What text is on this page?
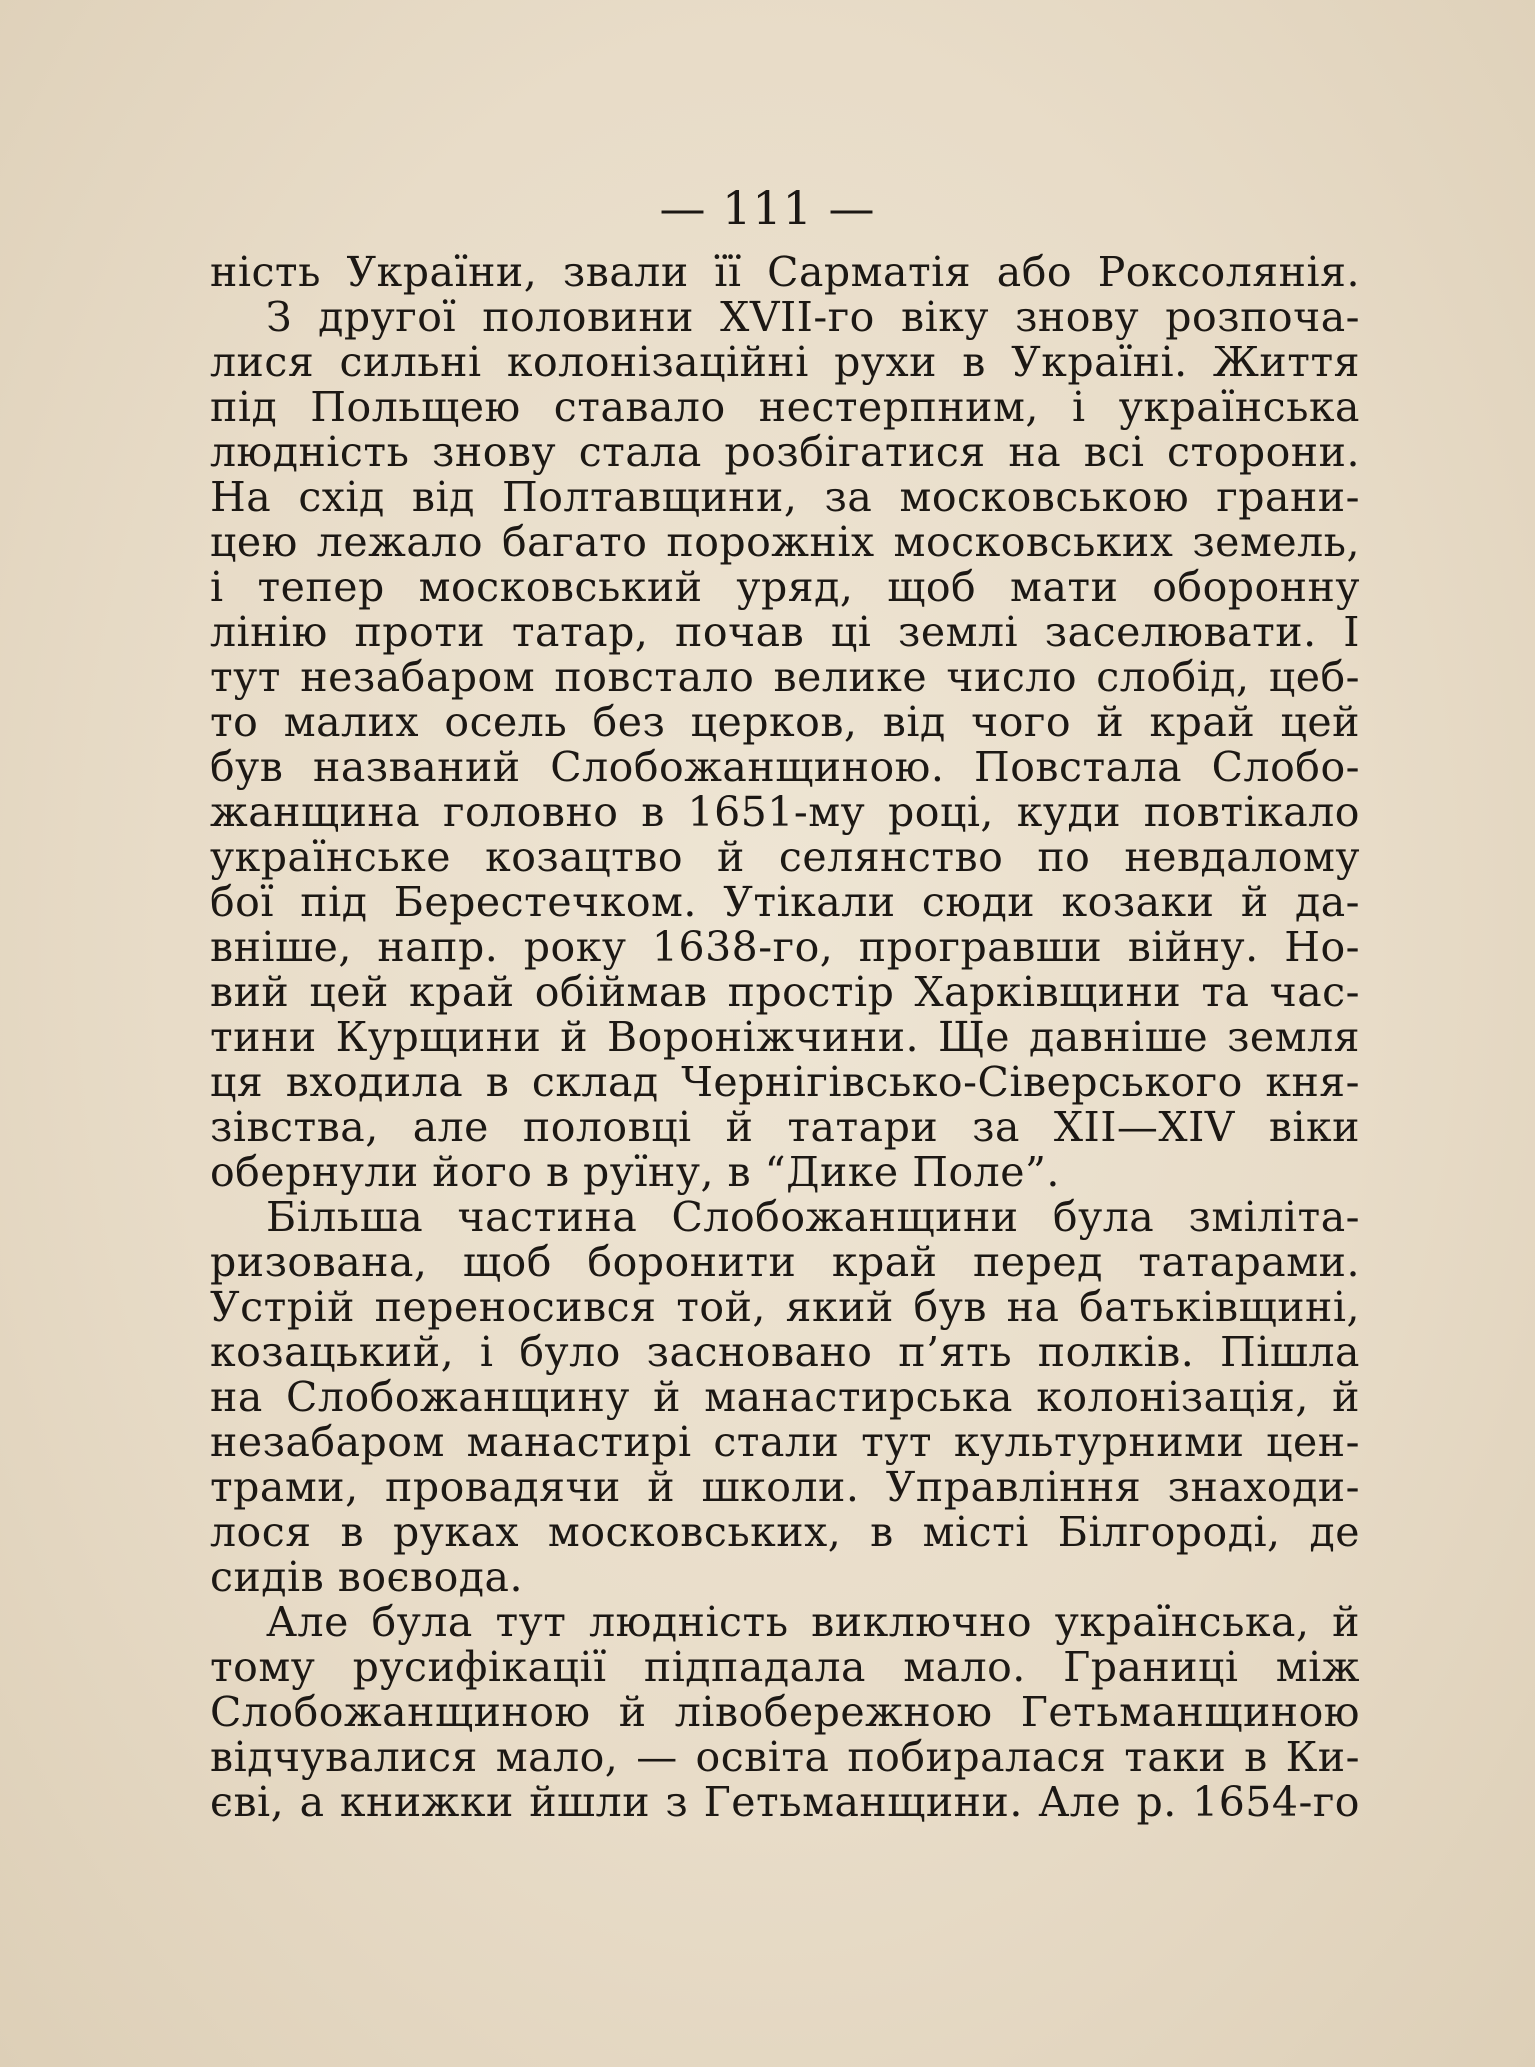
— 111 —
ність України, звали її Сарматія або Роксолянія.
З другої половини XVII-го віку знову розпоча-
лися сильні колонізаційні рухи в Україні. Життя
під Польщею ставало нестерпним, і українська
людність знову стала розбігатися на всі сторони.
На схід від Полтавщини, за московською грани-
цею лежало багато порожніх московських земель,
і тепер московський уряд, щоб мати оборонну
лінію проти татар, почав ці землі заселювати. І
тут незабаром повстало велике число слобід, цеб-
то малих осель без церков, від чого й край цей
був названий Слобожанщиною. Повстала Слобо-
жанщина головно в 1651-му році, куди повтікало
українське козацтво й селянство по невдалому
бої під Берестечком. Утікали сюди козаки й да-
вніше, напр. року 1638-го, програвши війну. Но-
вий цей край обіймав простір Харківщини та час-
тини Курщини й Вороніжчини. Ще давніше земля
ця входила в склад Чернігівсько-Сіверського кня-
зівства, але половці й татари за XII—XIV віки
обернули його в руїну, в “Дике Поле”.
Більша частина Слобожанщини була зміліта-
ризована, щоб боронити край перед татарами.
Устрій переносився той, який був на батьківщині,
козацький, і було засновано п’ять полків. Пішла
на Слобожанщину й манастирська колонізація, й
незабаром манастирі стали тут культурними цен-
трами, провадячи й школи. Управління знаходи-
лося в руках московських, в місті Білгороді, де
сидів воєвода.
Але була тут людність виключно українська, й
тому русифікації підпадала мало. Границі між
Слобожанщиною й лівобережною Гетьманщиною
відчувалися мало, — освіта побиралася таки в Ки-
єві, а книжки йшли з Гетьманщини. Але р. 1654-го
